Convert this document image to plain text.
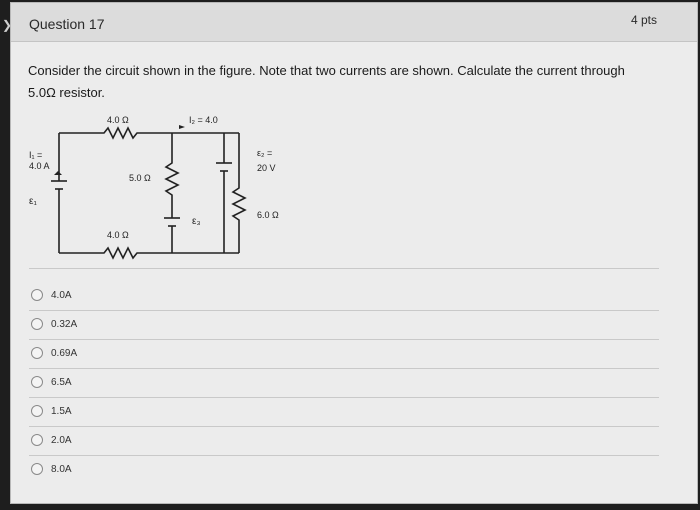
❯ Question 17	4 pts
Consider the circuit shown in the figure. Note that two currents are shown. Calculate the current through 5.0Ω resistor.
4.0 Ω	I₂ = 4.0
I₁ =
4.0 A
5.0 Ω
ε₂ =
20 V
ε₁
6.0 Ω
ε₃
4.0 Ω
4.0A
0.32A
0.69A
6.5A
1.5A
2.0A
8.0A
